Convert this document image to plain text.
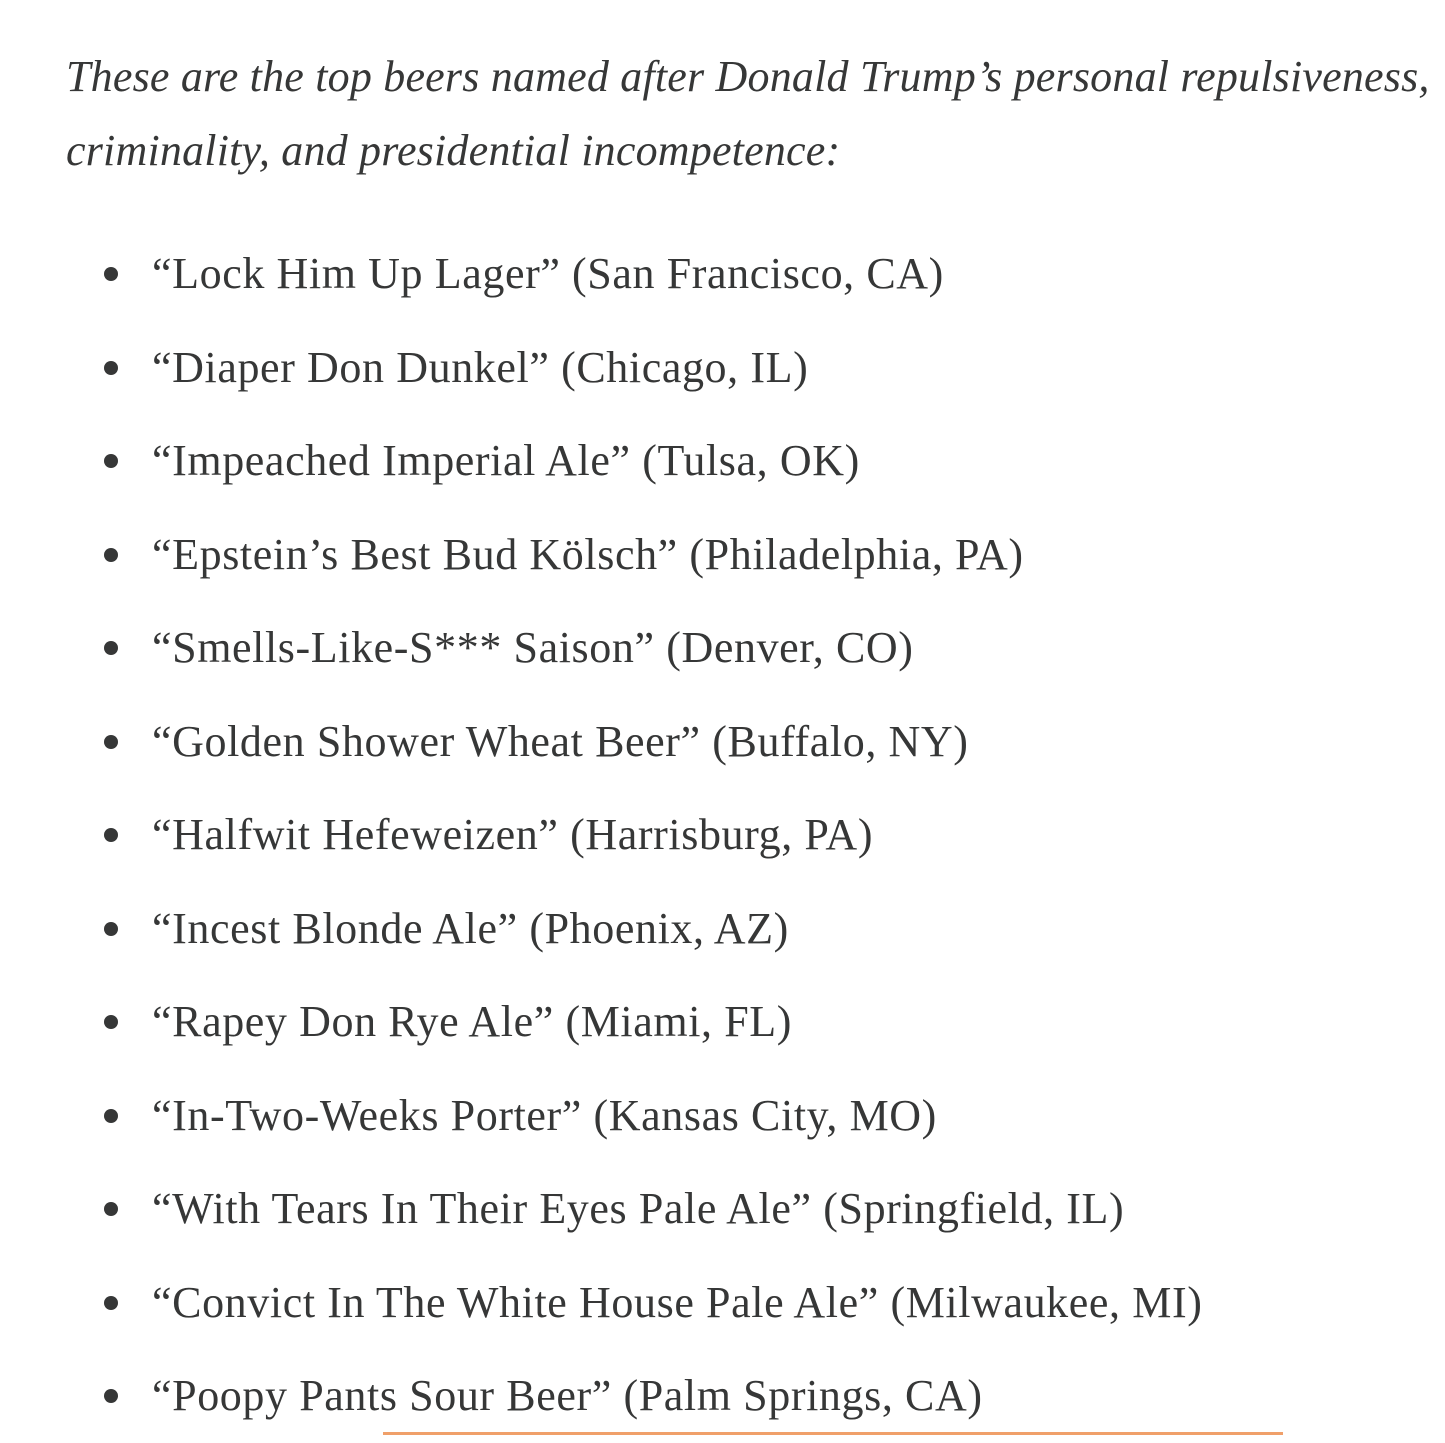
These are the top beers named after Donald Trump’s personal repulsiveness,
criminality, and presidential incompetence:

“Lock Him Up Lager” (San Francisco, CA)
“Diaper Don Dunkel” (Chicago, IL)
“Impeached Imperial Ale” (Tulsa, OK)
“Epstein’s Best Bud Kölsch” (Philadelphia, PA)
“Smells-Like-S*** Saison” (Denver, CO)
“Golden Shower Wheat Beer” (Buffalo, NY)
“Halfwit Hefeweizen” (Harrisburg, PA)
“Incest Blonde Ale” (Phoenix, AZ)
“Rapey Don Rye Ale” (Miami, FL)
“In-Two-Weeks Porter” (Kansas City, MO)
“With Tears In Their Eyes Pale Ale” (Springfield, IL)
“Convict In The White House Pale Ale” (Milwaukee, MI)
“Poopy Pants Sour Beer” (Palm Springs, CA)
